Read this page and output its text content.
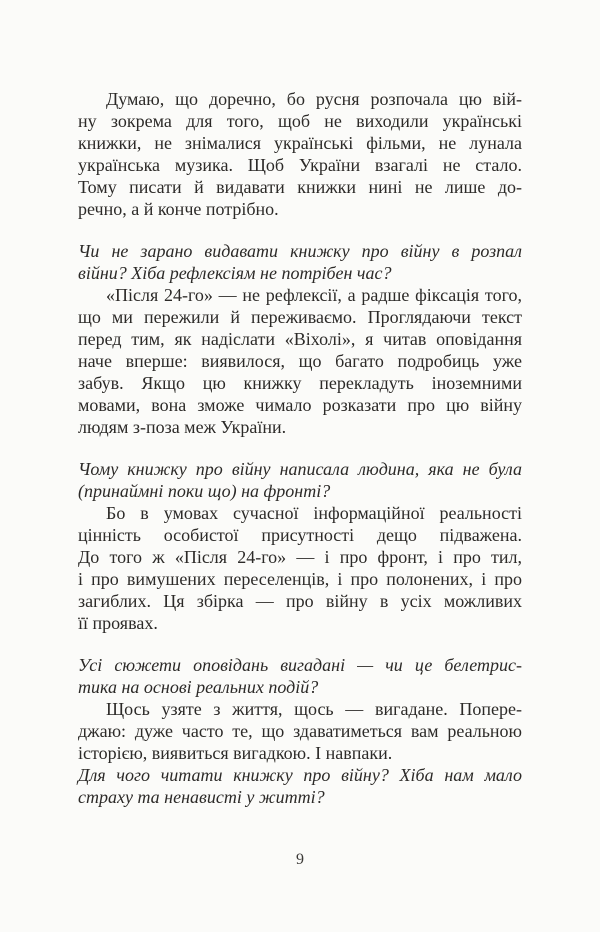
Думаю, що доречно, бо русня розпочала цю вій-
ну зокрема для того, щоб не виходили українські
книжки, не знімалися українські фільми, не лунала
українська музика. Щоб України взагалі не стало.
Тому писати й видавати книжки нині не лише до-
речно, а й конче потрібно.
Чи не зарано видавати книжку про війну в розпал
війни? Хіба рефлексіям не потрібен час?
«Після 24-го» — не рефлексії, а радше фіксація того,
що ми пережили й переживаємо. Проглядаючи текст
перед тим, як надіслати «Віхолі», я читав оповідання
наче вперше: виявилося, що багато подробиць уже
забув. Якщо цю книжку перекладуть іноземними
мовами, вона зможе чимало розказати про цю війну
людям з-поза меж України.
Чому книжку про війну написала людина, яка не була
(принаймні поки що) на фронті?
Бо в умовах сучасної інформаційної реальності
цінність особистої присутності дещо підважена.
До того ж «Після 24-го» — і про фронт, і про тил,
і про вимушених переселенців, і про полонених, і про
загиблих. Ця збірка — про війну в усіх можливих
її проявах.
Усі сюжети оповідань вигадані — чи це белетрис-
тика на основі реальних подій?
Щось узяте з життя, щось — вигадане. Попере-
джаю: дуже часто те, що здаватиметься вам реальною
історією, виявиться вигадкою. І навпаки.
Для чого читати книжку про війну? Хіба нам мало
страху та ненависті у житті?
9
